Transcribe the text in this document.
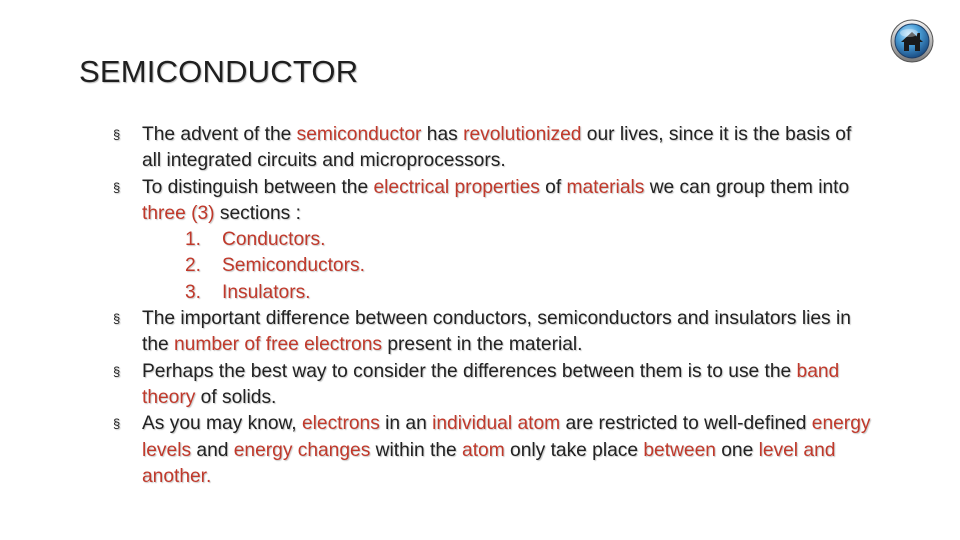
SEMICONDUCTOR
§ The advent of the semiconductor has revolutionized our lives, since it is the basis of all integrated circuits and microprocessors.
§ To distinguish between the electrical properties of materials we can group them into three (3) sections :
1. Conductors.
2. Semiconductors.
3. Insulators.
§ The important difference between conductors, semiconductors and insulators lies in the number of free electrons present in the material.
§ Perhaps the best way to consider the differences between them is to use the band theory of solids.
§ As you may know, electrons in an individual atom are restricted to well-defined energy levels and energy changes within the atom only take place between one level and another.
